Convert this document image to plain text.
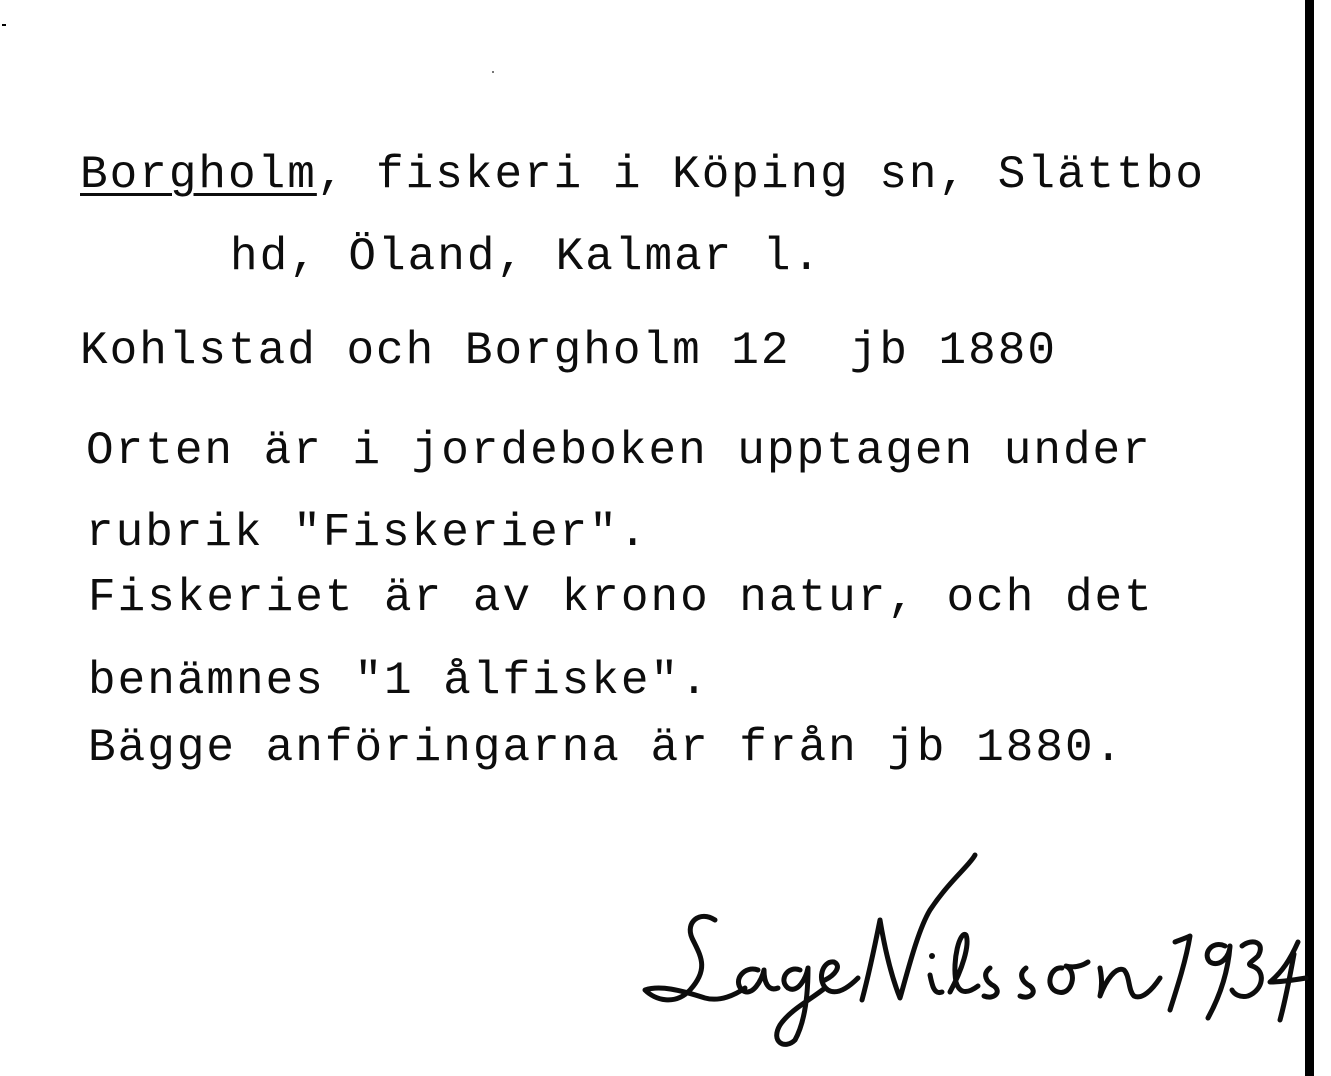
Borgholm, fiskeri i Köping sn, Slättbo
hd, Öland, Kalmar l.
Kohlstad och Borgholm 12  jb 1880
Orten är i jordeboken upptagen under
rubrik "Fiskerier".
Fiskeriet är av krono natur, och det
benämnes "1 ålfiske".
Bägge anföringarna är från jb 1880.
